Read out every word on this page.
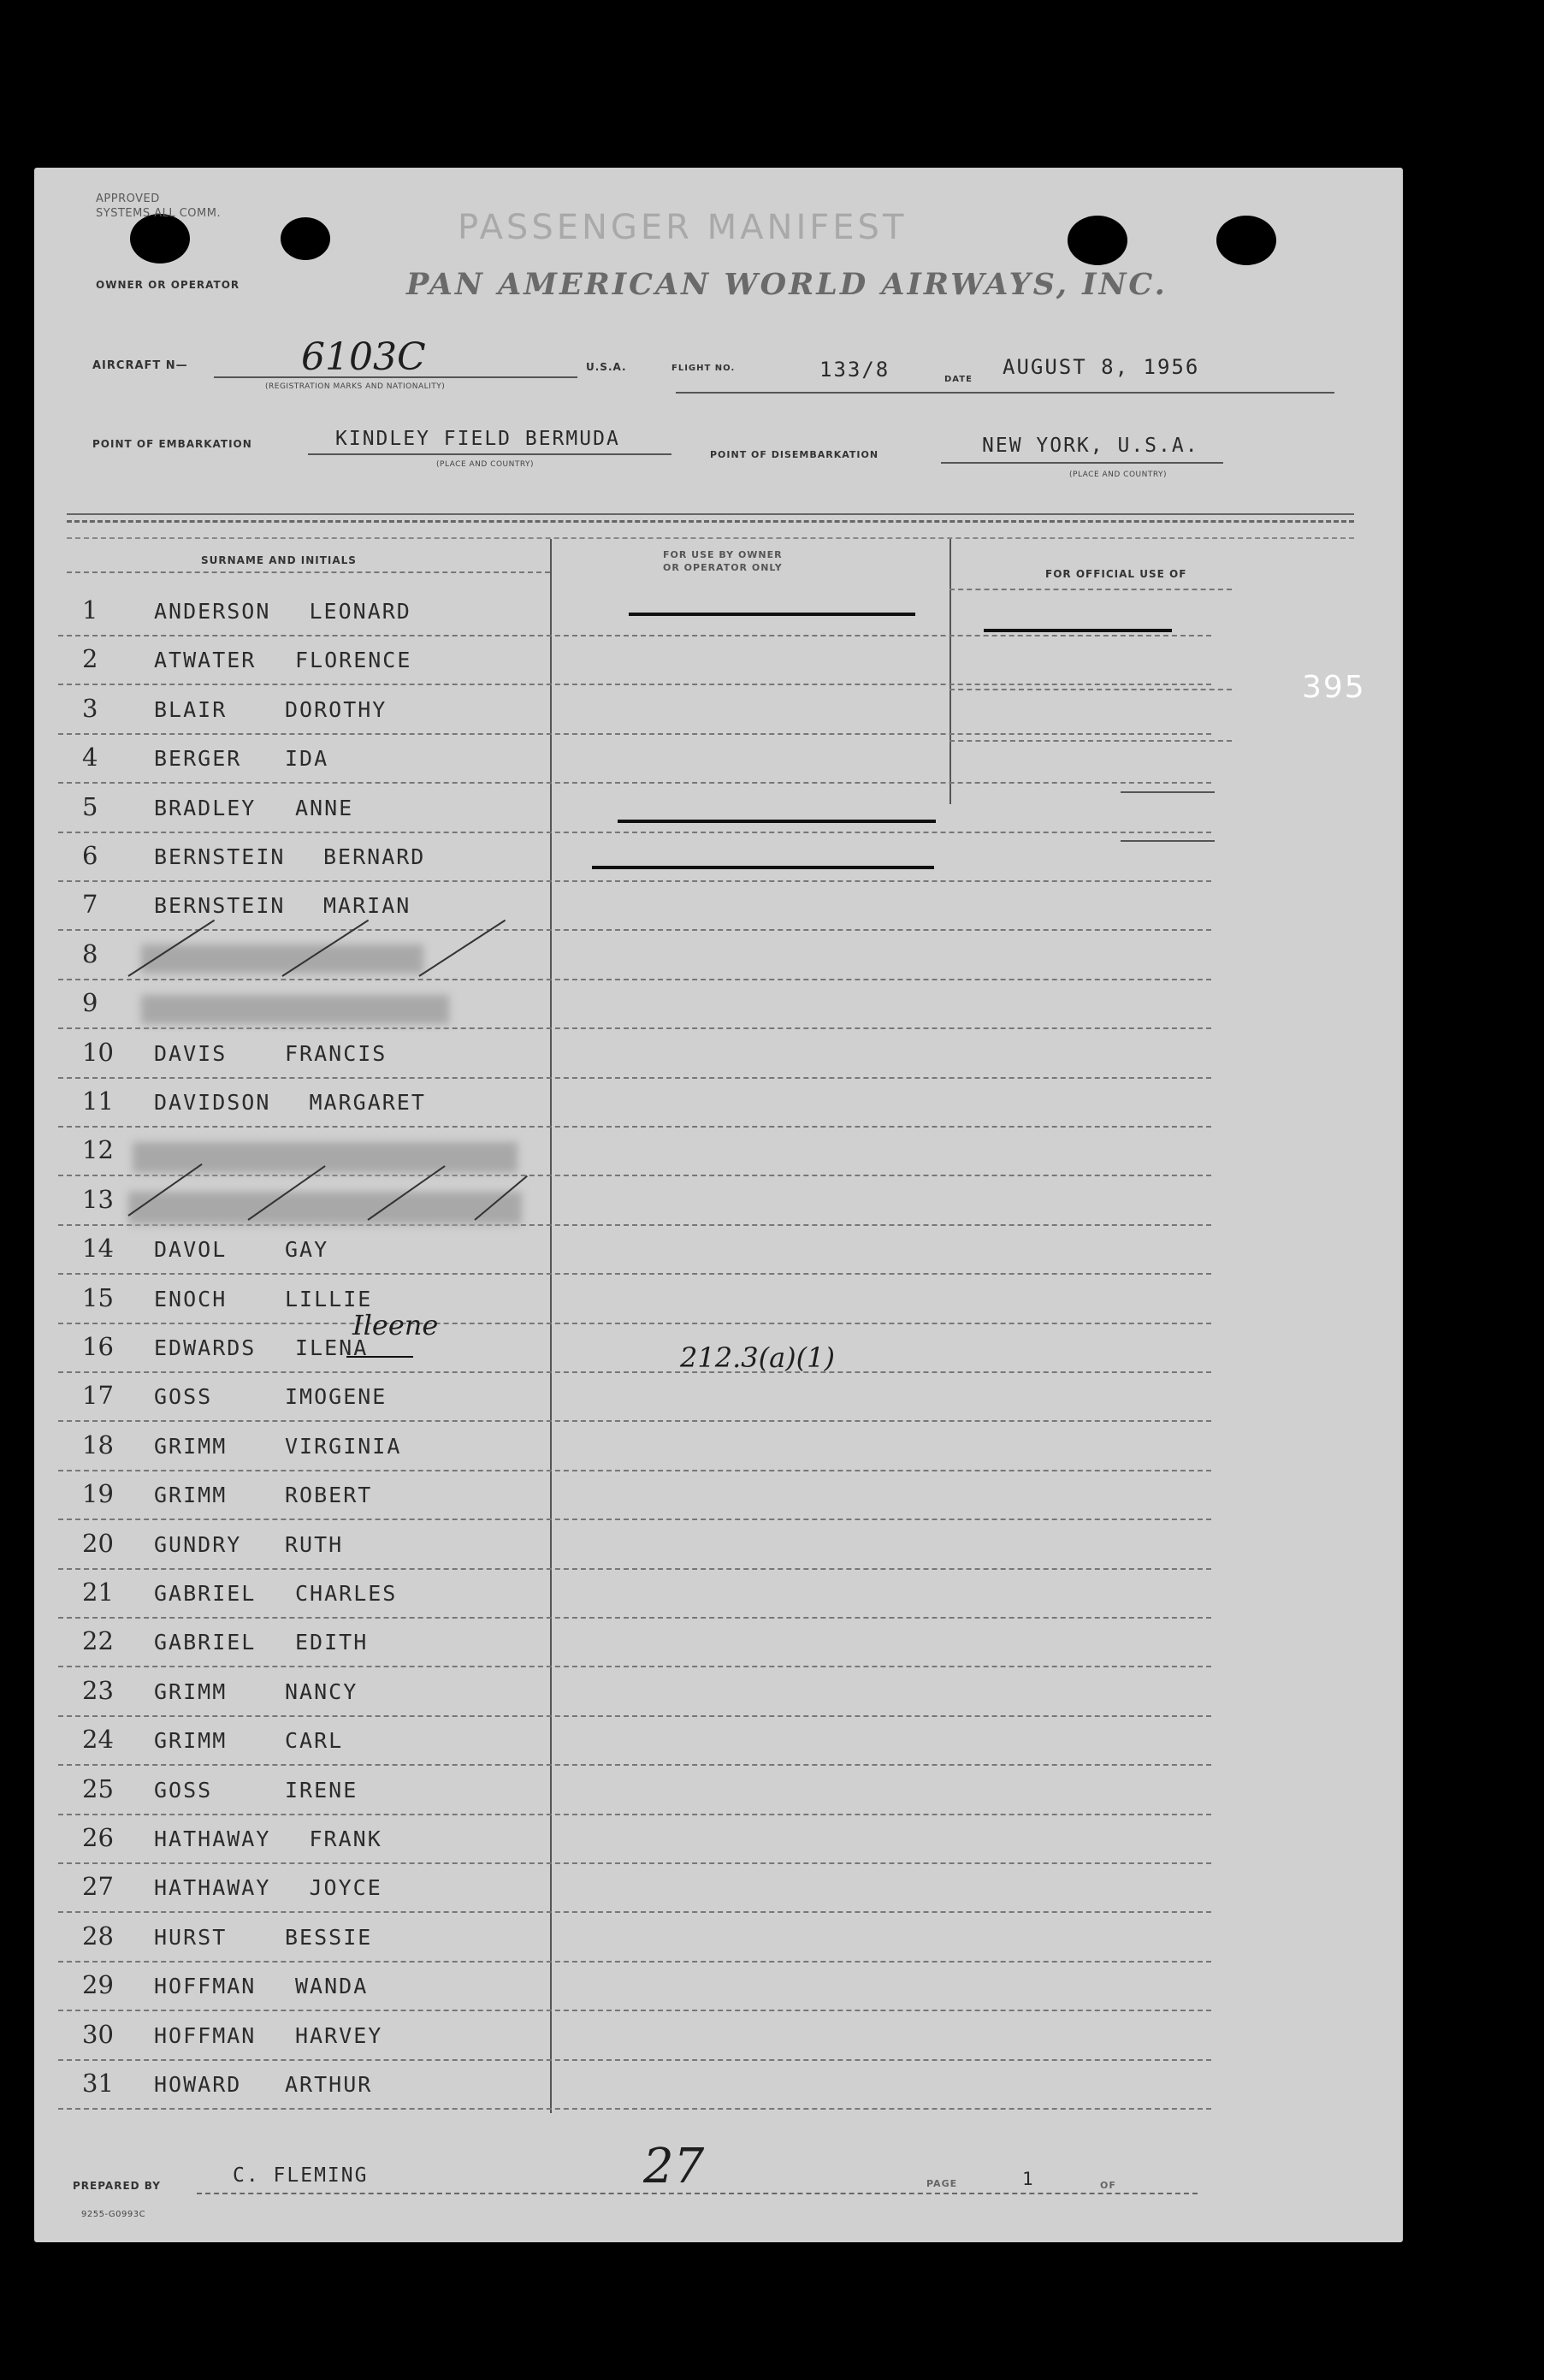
APPROVED
SYSTEMS ALL COMM.	PASSENGER MANIFEST
OWNER OR OPERATOR	PAN AMERICAN WORLD AIRWAYS, INC.
AIRCRAFT N—	6103C
(REGISTRATION MARKS AND NATIONALITY)
U.S.A.	FLIGHT NO.	133/8	DATE
AUGUST 8, 1956
POINT OF EMBARKATION	KINDLEY FIELD BERMUDA
(PLACE AND COUNTRY)
POINT OF DISEMBARKATION	NEW YORK, U.S.A.
(PLACE AND COUNTRY)
SURNAME AND INITIALS	FOR USE BY OWNER
OR OPERATOR ONLY
FOR OFFICIAL USE OF
395
1	ANDERSON LEONARD
2	ATWATER FLORENCE
3	BLAIR	DOROTHY
4	BERGER IDA
5	BRADLEY ANNE
6	BERNSTEIN BERNARD
7	BERNSTEIN MARIAN
8
9
10 DAVIS	FRANCIS
11 DAVIDSON MARGARET
12
13
14 DAVOL	GAY
15 ENOCH	LILLIE
16 EDWARDS ILENA
17 GOSS	IMOGENE
18 GRIMM	VIRGINIA
19 GRIMM	ROBERT
20 GUNDRY RUTH
21 GABRIEL CHARLES
22 GABRIEL EDITH
23 GRIMM	NANCY
24 GRIMM	CARL
25 GOSS	IRENE
26 HATHAWAY FRANK
27 HATHAWAY JOYCE
28 HURST	BESSIE
29 HOFFMAN WANDA
30 HOFFMAN HARVEY
31 HOWARD ARTHUR
212.3(a)(1)
Ileene
PREPARED BY	C. FLEMING	27	PAGE	1	OF
9255-G0993C
